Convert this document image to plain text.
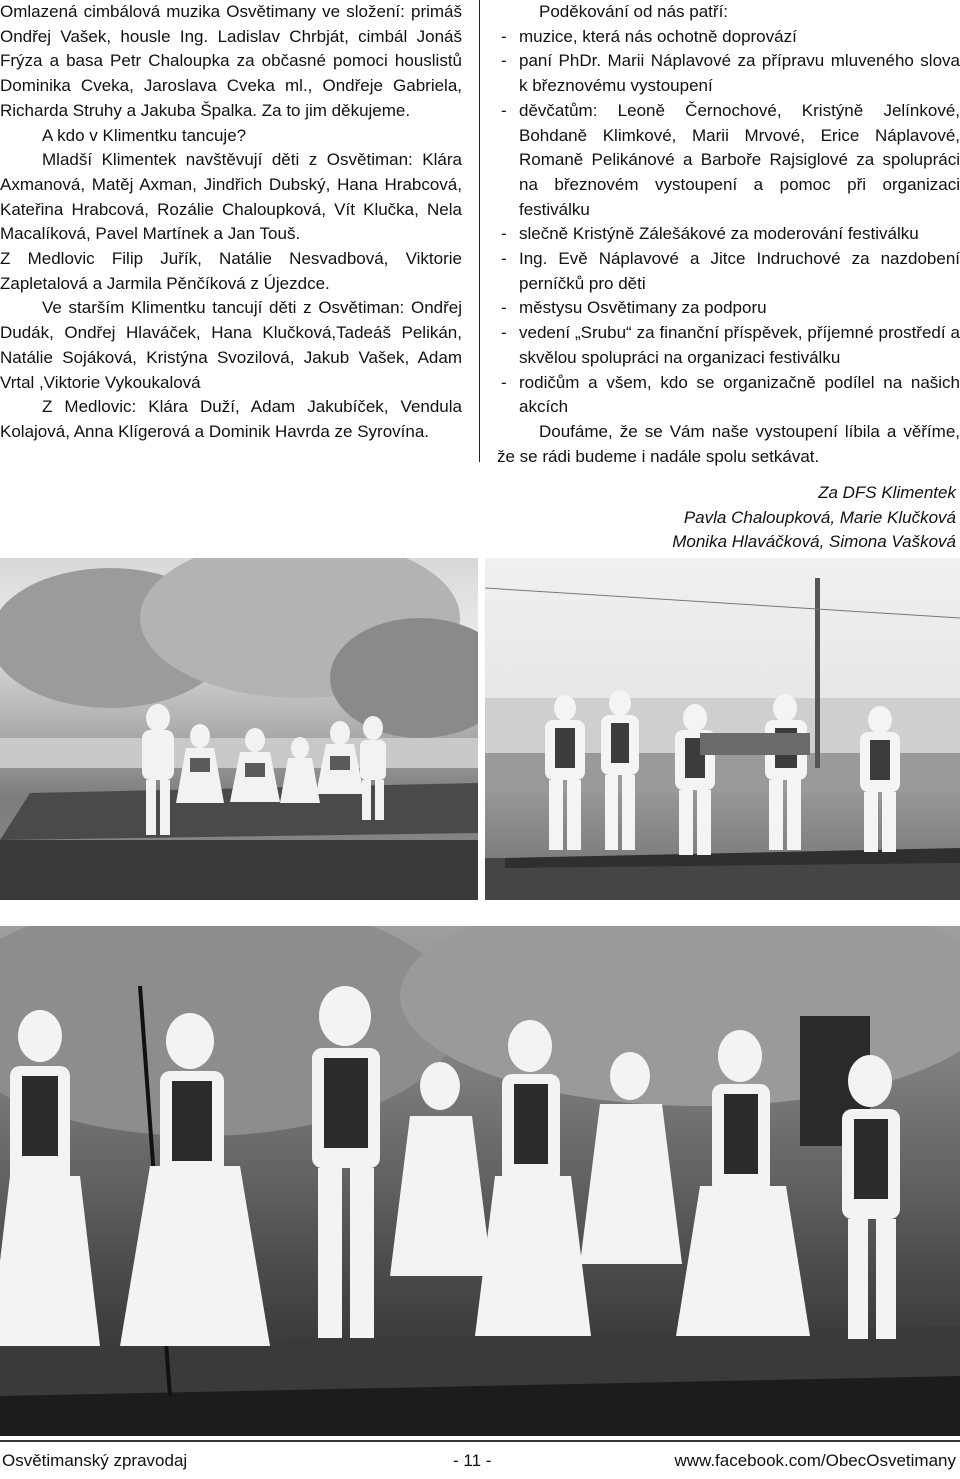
Omlazená cimbálová muzika Osvětimany ve složení: primáš Ondřej Vašek, housle Ing. Ladislav Chrbját, cimbál Jonáš Frýza a basa Petr Chaloupka za občasné pomoci houslistů Dominika Cveka, Jaroslava Cveka ml., Ondřeje Gabriela, Richarda Struhy a Jakuba Špalka. Za to jim děkujeme.

A kdo v Klimentku tancuje?

Mladší Klimentek navštěvují děti z Osvětiman: Klára Axmanová, Matěj Axman, Jindřich Dubský, Hana Hrabcová, Kateřina Hrabcová, Rozálie Chaloupková, Vít Klučka, Nela Macalíková, Pavel Martínek a Jan Touš.

Z Medlovic Filip Juřík, Natálie Nesvadbová, Viktorie Zapletalová a Jarmila Pěnčíková z Újezdce.

Ve starším Klimentku tancují děti z Osvětiman: Ondřej Dudák, Ondřej Hlaváček, Hana Klučková,Tadeáš Pelikán, Natálie Sojáková, Kristýna Svozilová, Jakub Vašek, Adam Vrtal ,Viktorie Vykoukalová

Z Medlovic: Klára Duží, Adam Jakubíček, Vendula Kolajová, Anna Klígerová a Dominik Havrda ze Syrovína.

Poděkování od nás patří:

- muzice, která nás ochotně doprovází
- paní PhDr. Marii Náplavové za přípravu mluveného slova k březnovému vystoupení
- děvčatům: Leoně Černochové, Kristýně Jelínkové, Bohdaně Klimkové, Marii Mrvové, Erice Náplavové, Romaně Pelikánové a Barboře Rajsiglové za spolupráci na březnovém vystoupení a pomoc při organizaci festiválku
- slečně Kristýně Zálešákové za moderování festiválku
- Ing. Evě Náplavové a Jitce Indruchové za nazdobení perníčků pro děti
- městysu Osvětimany za podporu
- vedení „Srubu“ za finanční příspěvek, příjemné prostředí a skvělou spolupráci na organizaci festiválku
- rodičům a všem, kdo se organizačně podílel na našich akcích

Doufáme, že se Vám naše vystoupení líbila a věříme, že se rádi budeme i nadále spolu setkávat.

Za DFS Klimentek
Pavla Chaloupková, Marie Klučková
Monika Hlaváčková, Simona Vašková
Osvětimanský zpravodaj	- 11 -	www.facebook.com/ObecOsvetimany
